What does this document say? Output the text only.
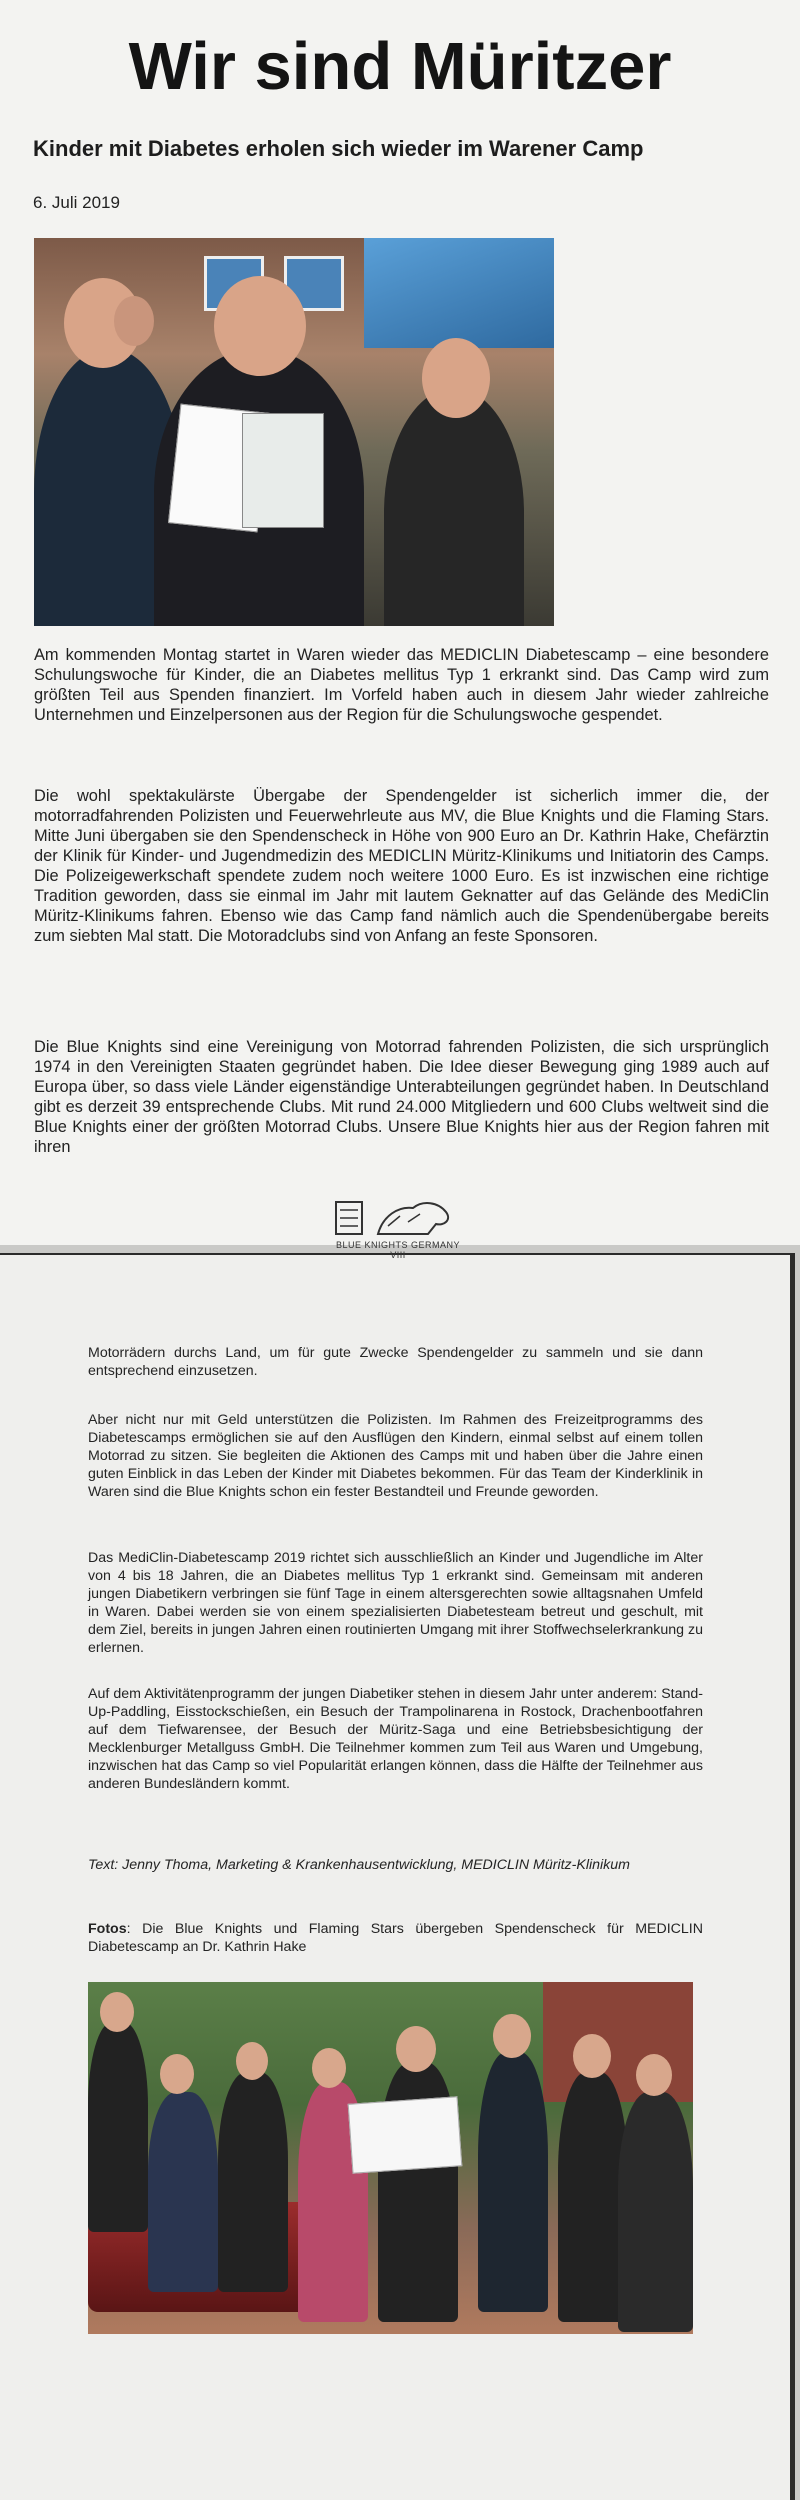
Wir sind Müritzer
Kinder mit Diabetes erholen sich wieder im Warener Camp
6. Juli 2019

Am kommenden Montag startet in Waren wieder das MEDICLIN Diabetescamp – eine besondere Schulungswoche für Kinder, die an Diabetes mellitus Typ 1 erkrankt sind. Das Camp wird zum größten Teil aus Spenden finanziert. Im Vorfeld haben auch in diesem Jahr wieder zahlreiche Unternehmen und Einzelpersonen aus der Region für die Schulungswoche gespendet.

Die wohl spektakulärste Übergabe der Spendengelder ist sicherlich immer die, der motorradfahrenden Polizisten und Feuerwehrleute aus MV, die Blue Knights und die Flaming Stars. Mitte Juni übergaben sie den Spendenscheck in Höhe von 900 Euro an Dr. Kathrin Hake, Chefärztin der Klinik für Kinder- und Jugendmedizin des MEDICLIN Müritz-Klinikums und Initiatorin des Camps. Die Polizeigewerkschaft spendete zudem noch weitere 1000 Euro. Es ist inzwischen eine richtige Tradition geworden, dass sie einmal im Jahr mit lautem Geknatter auf das Gelände des MediClin Müritz-Klinikums fahren. Ebenso wie das Camp fand nämlich auch die Spendenübergabe bereits zum siebten Mal statt. Die Motoradclubs sind von Anfang an feste Sponsoren.

Die Blue Knights sind eine Vereinigung von Motorrad fahrenden Polizisten, die sich ursprünglich 1974 in den Vereinigten Staaten gegründet haben. Die Idee dieser Bewegung ging 1989 auch auf Europa über, so dass viele Länder eigenständige Unterabteilungen gegründet haben. In Deutschland gibt es derzeit 39 entsprechende Clubs. Mit rund 24.000 Mitgliedern und 600 Clubs weltweit sind die Blue Knights einer der größten Motorrad Clubs. Unsere Blue Knights hier aus der Region fahren mit ihren

BLUE KNIGHTS GERMANY VIII

Motorrädern durchs Land, um für gute Zwecke Spendengelder zu sammeln und sie dann entsprechend einzusetzen.

Aber nicht nur mit Geld unterstützen die Polizisten. Im Rahmen des Freizeitprogramms des Diabetescamps ermöglichen sie auf den Ausflügen den Kindern, einmal selbst auf einem tollen Motorrad zu sitzen. Sie begleiten die Aktionen des Camps mit und haben über die Jahre einen guten Einblick in das Leben der Kinder mit Diabetes bekommen. Für das Team der Kinderklinik in Waren sind die Blue Knights schon ein fester Bestandteil und Freunde geworden.

Das MediClin-Diabetescamp 2019 richtet sich ausschließlich an Kinder und Jugendliche im Alter von 4 bis 18 Jahren, die an Diabetes mellitus Typ 1 erkrankt sind. Gemeinsam mit anderen jungen Diabetikern verbringen sie fünf Tage in einem altersgerechten sowie alltagsnahen Umfeld in Waren. Dabei werden sie von einem spezialisierten Diabetesteam betreut und geschult, mit dem Ziel, bereits in jungen Jahren einen routinierten Umgang mit ihrer Stoffwechselerkrankung zu erlernen.

Auf dem Aktivitätenprogramm der jungen Diabetiker stehen in diesem Jahr unter anderem: Stand-Up-Paddling, Eisstockschießen, ein Besuch der Trampolinarena in Rostock, Drachenbootfahren auf dem Tiefwarensee, der Besuch der Müritz-Saga und eine Betriebsbesichtigung der Mecklenburger Metallguss GmbH. Die Teilnehmer kommen zum Teil aus Waren und Umgebung, inzwischen hat das Camp so viel Popularität erlangen können, dass die Hälfte der Teilnehmer aus anderen Bundesländern kommt.

Text: Jenny Thoma, Marketing & Krankenhausentwicklung, MEDICLIN Müritz-Klinikum

Fotos: Die Blue Knights und Flaming Stars übergeben Spendenscheck für MEDICLIN Diabetescamp an Dr. Kathrin Hake
